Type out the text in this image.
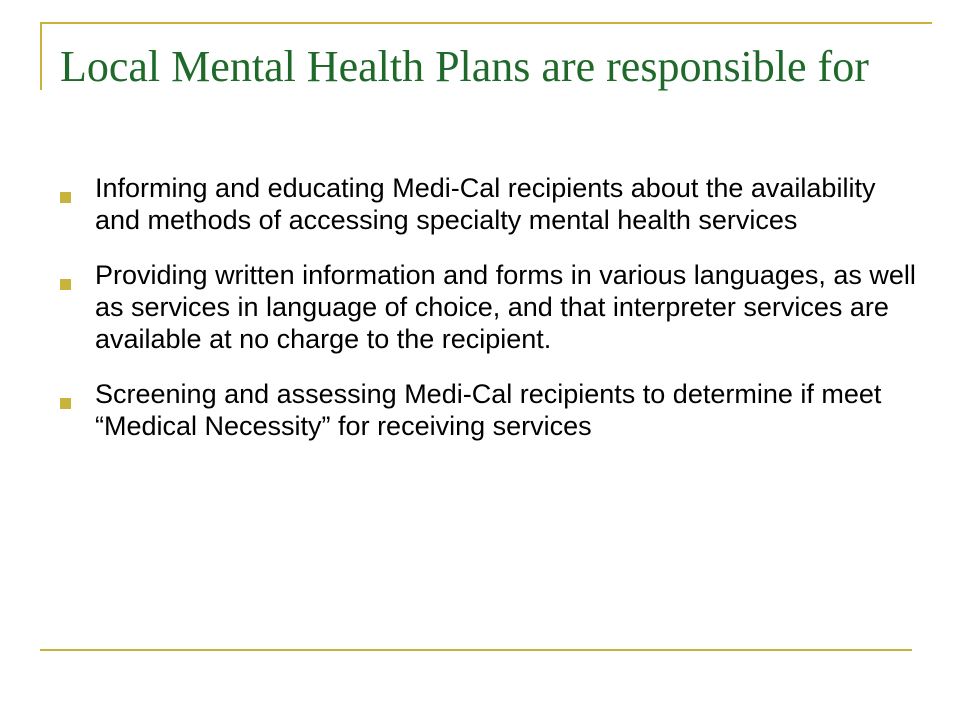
Local Mental Health Plans are responsible for
Informing and educating Medi-Cal recipients about the availability and methods of accessing specialty mental health services
Providing written information and forms in various languages, as well as services in language of choice, and that interpreter services are available at no charge to the recipient.
Screening and assessing Medi-Cal recipients to determine if meet “Medical Necessity” for receiving services
